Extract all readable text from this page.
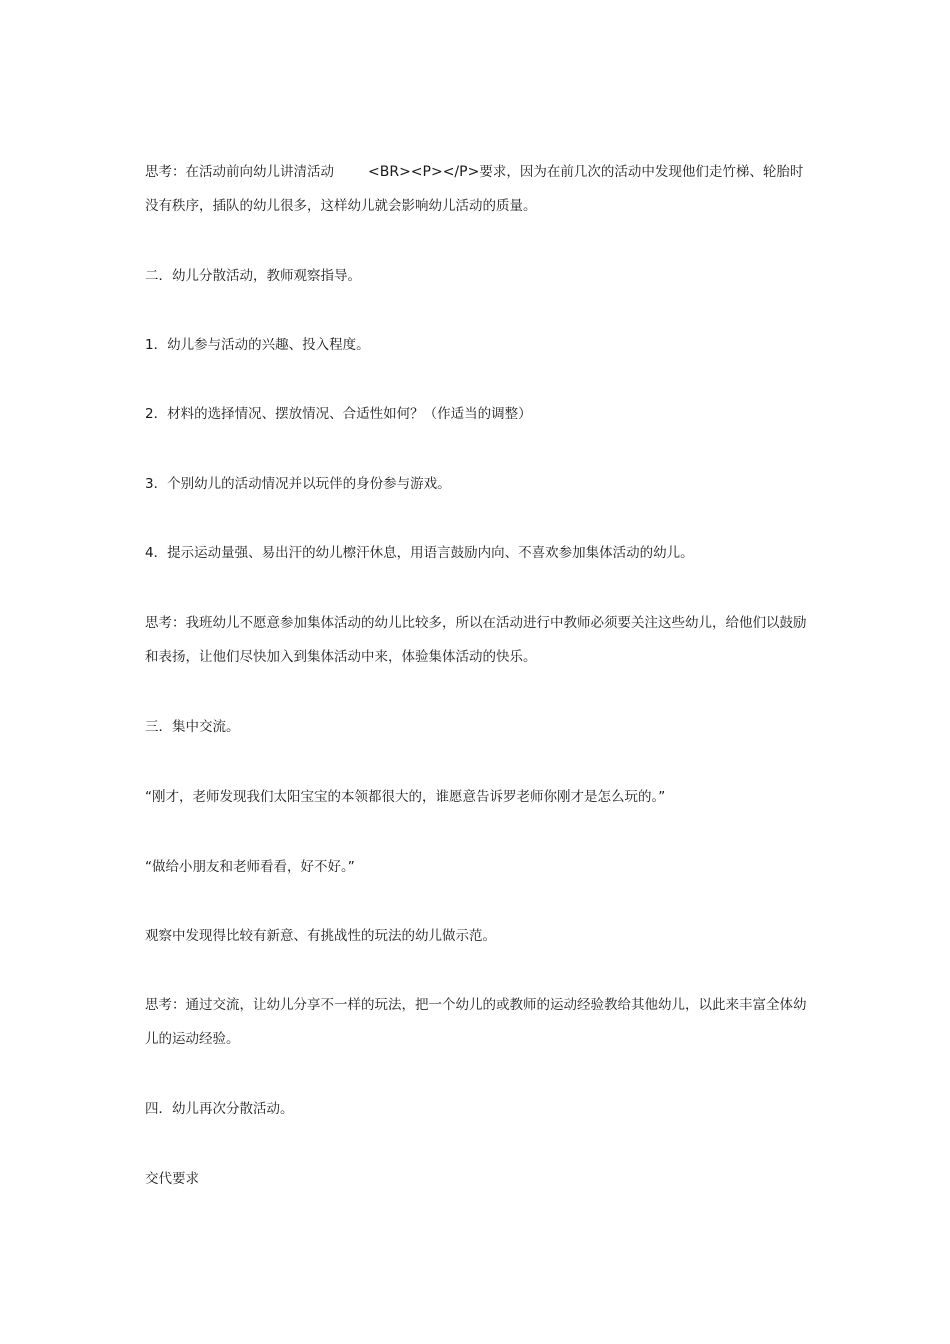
思考：在活动前向幼儿讲清活动 <BR><P></P>要求，因为在前几次的活动中发现他们走竹梯、轮胎时没有秩序，插队的幼儿很多，这样幼儿就会影响幼儿活动的质量。

二．幼儿分散活动，教师观察指导。

1．幼儿参与活动的兴趣、投入程度。

2．材料的选择情况、摆放情况、合适性如何？（作适当的调整）

3．个别幼儿的活动情况并以玩伴的身份参与游戏。

4．提示运动量强、易出汗的幼儿檫汗休息，用语言鼓励内向、不喜欢参加集体活动的幼儿。

思考：我班幼儿不愿意参加集体活动的幼儿比较多，所以在活动进行中教师必须要关注这些幼儿，给他们以鼓励和表扬，让他们尽快加入到集体活动中来，体验集体活动的快乐。

三．集中交流。

“刚才，老师发现我们太阳宝宝的本领都很大的，谁愿意告诉罗老师你刚才是怎么玩的。”

“做给小朋友和老师看看，好不好。”

观察中发现得比较有新意、有挑战性的玩法的幼儿做示范。

思考：通过交流，让幼儿分享不一样的玩法，把一个幼儿的或教师的运动经验教给其他幼儿，以此来丰富全体幼儿的运动经验。

四．幼儿再次分散活动。

交代要求
